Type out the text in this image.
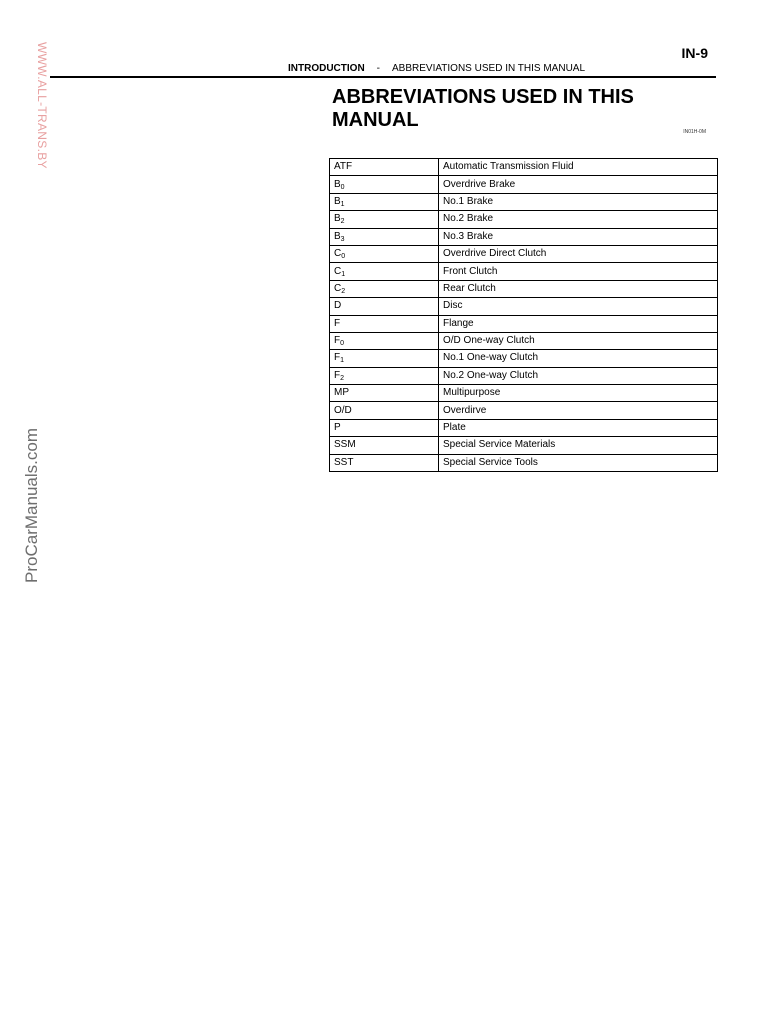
WWW.ALL-TRANS.BY
ProCarManuals.com
IN-9
INTRODUCTION - ABBREVIATIONS USED IN THIS MANUAL
ABBREVIATIONS USED IN THIS MANUAL
IN01H-0M
ATF	Automatic Transmission Fluid
$B_0$	Overdrive Brake
$B_1$	No.1 Brake
$B_2$	No.2 Brake
$B_3$	No.3 Brake
$C_0$	Overdrive Direct Clutch
$C_1$	Front Clutch
$C_2$	Rear Clutch
D	Disc
F	Flange
$F_0$	O/D One-way Clutch
$F_1$	No.1 One-way Clutch
$F_2$	No.2 One-way Clutch
MP	Multipurpose
O/D	Overdirve
P	Plate
SSM	Special Service Materials
SST	Special Service Tools
